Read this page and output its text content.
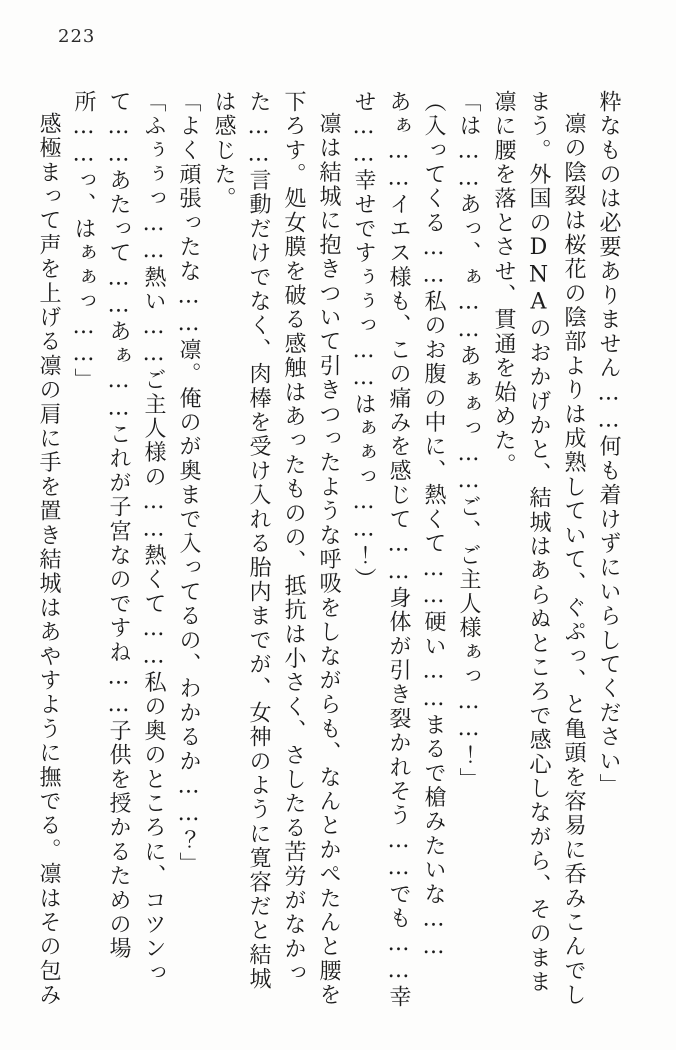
223

粋なものは必要ありません……何も着けずにいらしてください」

凛の陰裂は桜花の陰部よりは成熟していて、ぐぷっ、と亀頭を容易に呑みこんでしまう。外国のDNAのおかげかと、結城はあらぬところで感心しながら、そのまま凛に腰を落とさせ、貫通を始めた。

「は……あっ、ぁ……あぁぁっ……ご、ご主人様ぁっ……！」

（入ってくる……私のお腹の中に、熱くて……硬い……まるで槍みたいな……あぁ……イエス様も、この痛みを感じて……身体が引き裂かれそう……でも……幸せ……幸せですぅぅっ……はぁぁっ……！）

凛は結城に抱きついて引きつったような呼吸をしながらも、なんとかぺたんと腰を下ろす。処女膜を破る感触はあったものの、抵抗は小さく、さしたる苦労がなかった……言動だけでなく、肉棒を受け入れる胎内までが、女神のように寛容だと結城は感じた。

「よく頑張ったな……凛。俺のが奥まで入ってるの、わかるか……？」

「ふぅぅっ……熱い……ご主人様の……熱くて……私の奥のところに、コツンって……あたって……あぁ……これが子宮なのですね……子供を授かるための場所……っ、はぁぁっ……」

感極まって声を上げる凛の肩に手を置き結城はあやすように撫でる。凛はその包み
